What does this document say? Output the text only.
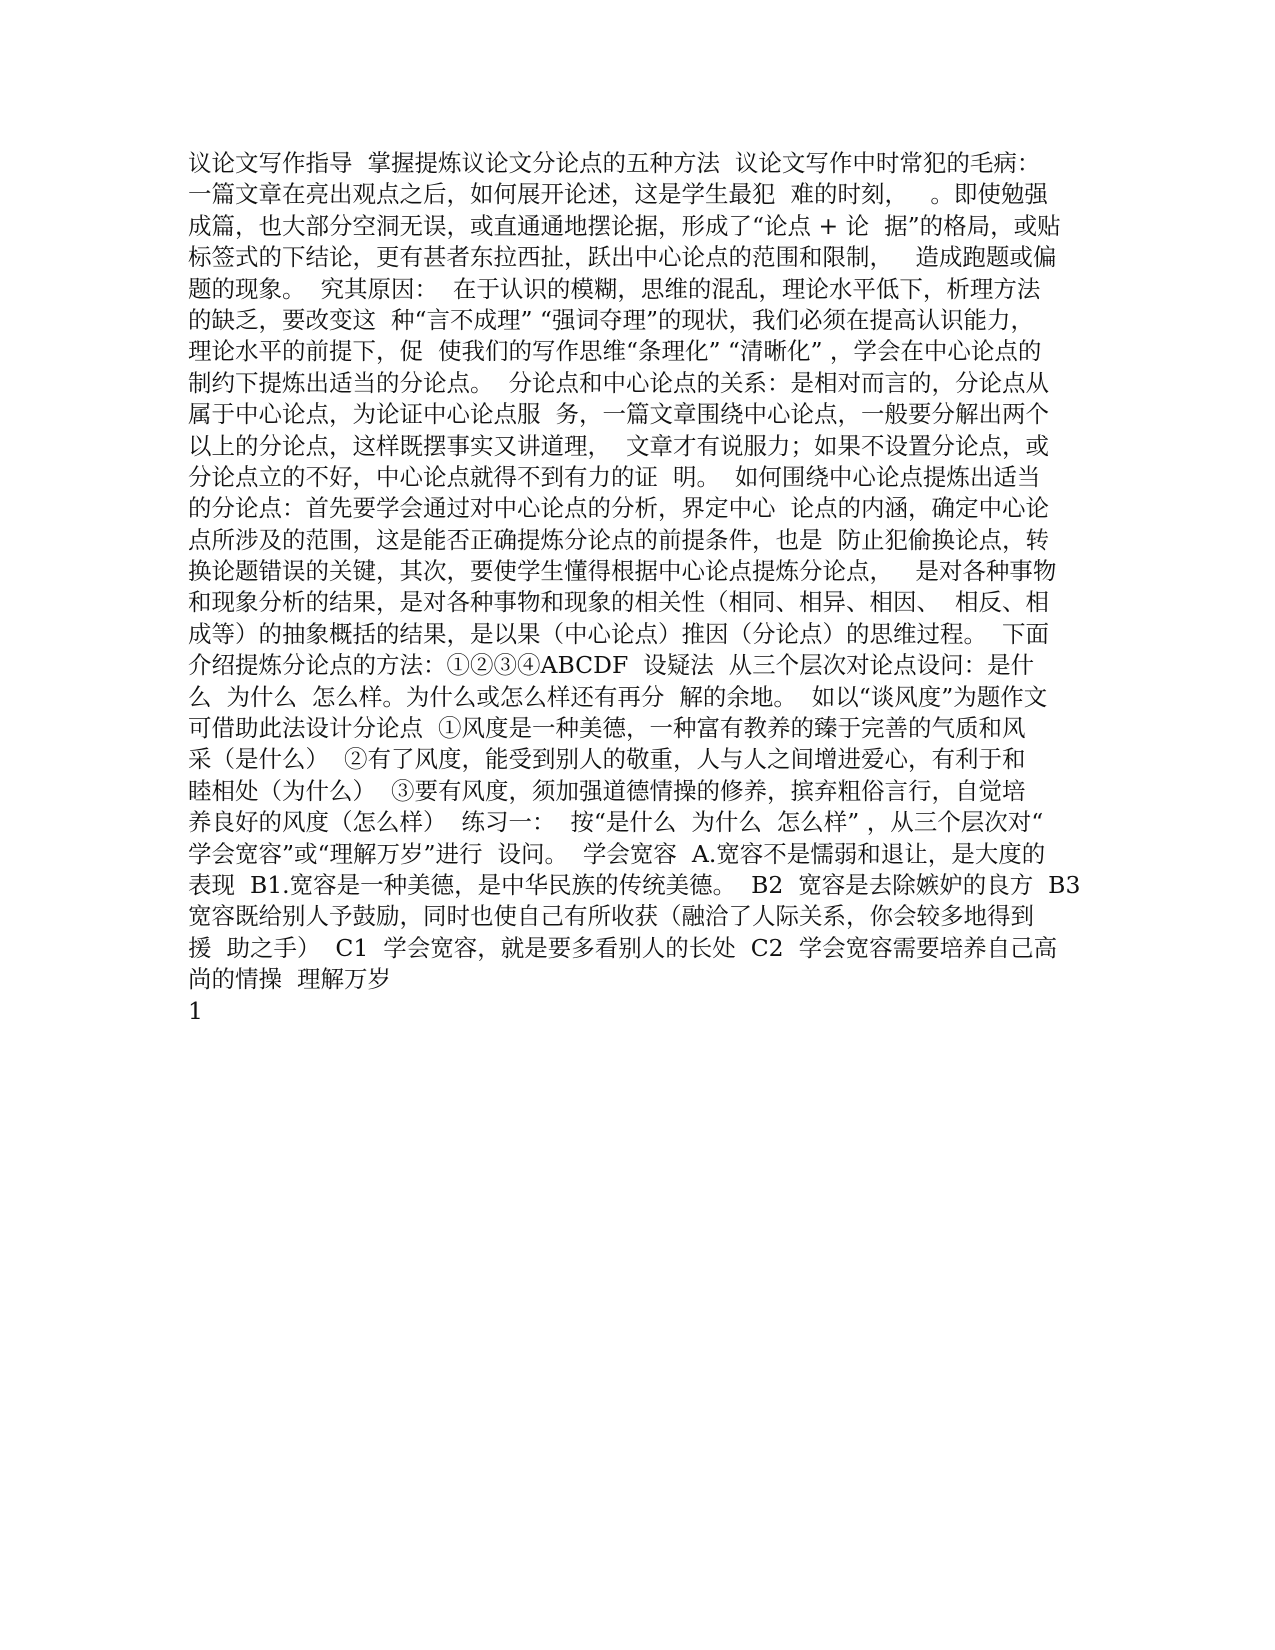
议论文写作指导  掌握提炼议论文分论点的五种方法  议论文写作中时常犯的毛病：
一篇文章在亮出观点之后，如何展开论述，这是学生最犯  难的时刻，   。即使勉强
成篇，也大部分空洞无误，或直通通地摆论据，形成了“论点 + 论  据”的格局，或贴
标签式的下结论，更有甚者东拉西扯，跃出中心论点的范围和限制，   造成跑题或偏
题的现象。  究其原因：  在于认识的模糊，思维的混乱，理论水平低下，析理方法
的缺乏，要改变这  种“言不成理” “强词夺理”的现状，我们必须在提高认识能力，
理论水平的前提下，促  使我们的写作思维“条理化” “清晰化” ，学会在中心论点的
制约下提炼出适当的分论点。  分论点和中心论点的关系：是相对而言的，分论点从
属于中心论点，为论证中心论点服  务，一篇文章围绕中心论点，一般要分解出两个
以上的分论点，这样既摆事实又讲道理，  文章才有说服力；如果不设置分论点，或
分论点立的不好，中心论点就得不到有力的证  明。  如何围绕中心论点提炼出适当
的分论点：首先要学会通过对中心论点的分析，界定中心  论点的内涵，确定中心论
点所涉及的范围，这是能否正确提炼分论点的前提条件，也是  防止犯偷换论点，转
换论题错误的关键，其次，要使学生懂得根据中心论点提炼分论点，   是对各种事物
和现象分析的结果，是对各种事物和现象的相关性（相同、相异、相因、  相反、相
成等）的抽象概括的结果，是以果（中心论点）推因（分论点）的思维过程。  下面
介绍提炼分论点的方法：①②③④ABCDF  设疑法  从三个层次对论点设问：是什
么  为什么  怎么样。为什么或怎么样还有再分  解的余地。  如以“谈风度”为题作文
可借助此法设计分论点  ①风度是一种美德，一种富有教养的臻于完善的气质和风
采（是什么）  ②有了风度，能受到别人的敬重，人与人之间增进爱心，有利于和
睦相处（为什么）  ③要有风度，须加强道德情操的修养，摈弃粗俗言行，自觉培
养良好的风度（怎么样）  练习一：  按“是什么  为什么  怎么样” ，从三个层次对“
学会宽容”或“理解万岁”进行  设问。  学会宽容  A.宽容不是懦弱和退让，是大度的
表现  B1.宽容是一种美德，是中华民族的传统美德。  B2  宽容是去除嫉妒的良方  B3
宽容既给别人予鼓励，同时也使自己有所收获（融洽了人际关系，你会较多地得到
援  助之手）  C1  学会宽容，就是要多看别人的长处  C2  学会宽容需要培养自己高
尚的情操  理解万岁
1
